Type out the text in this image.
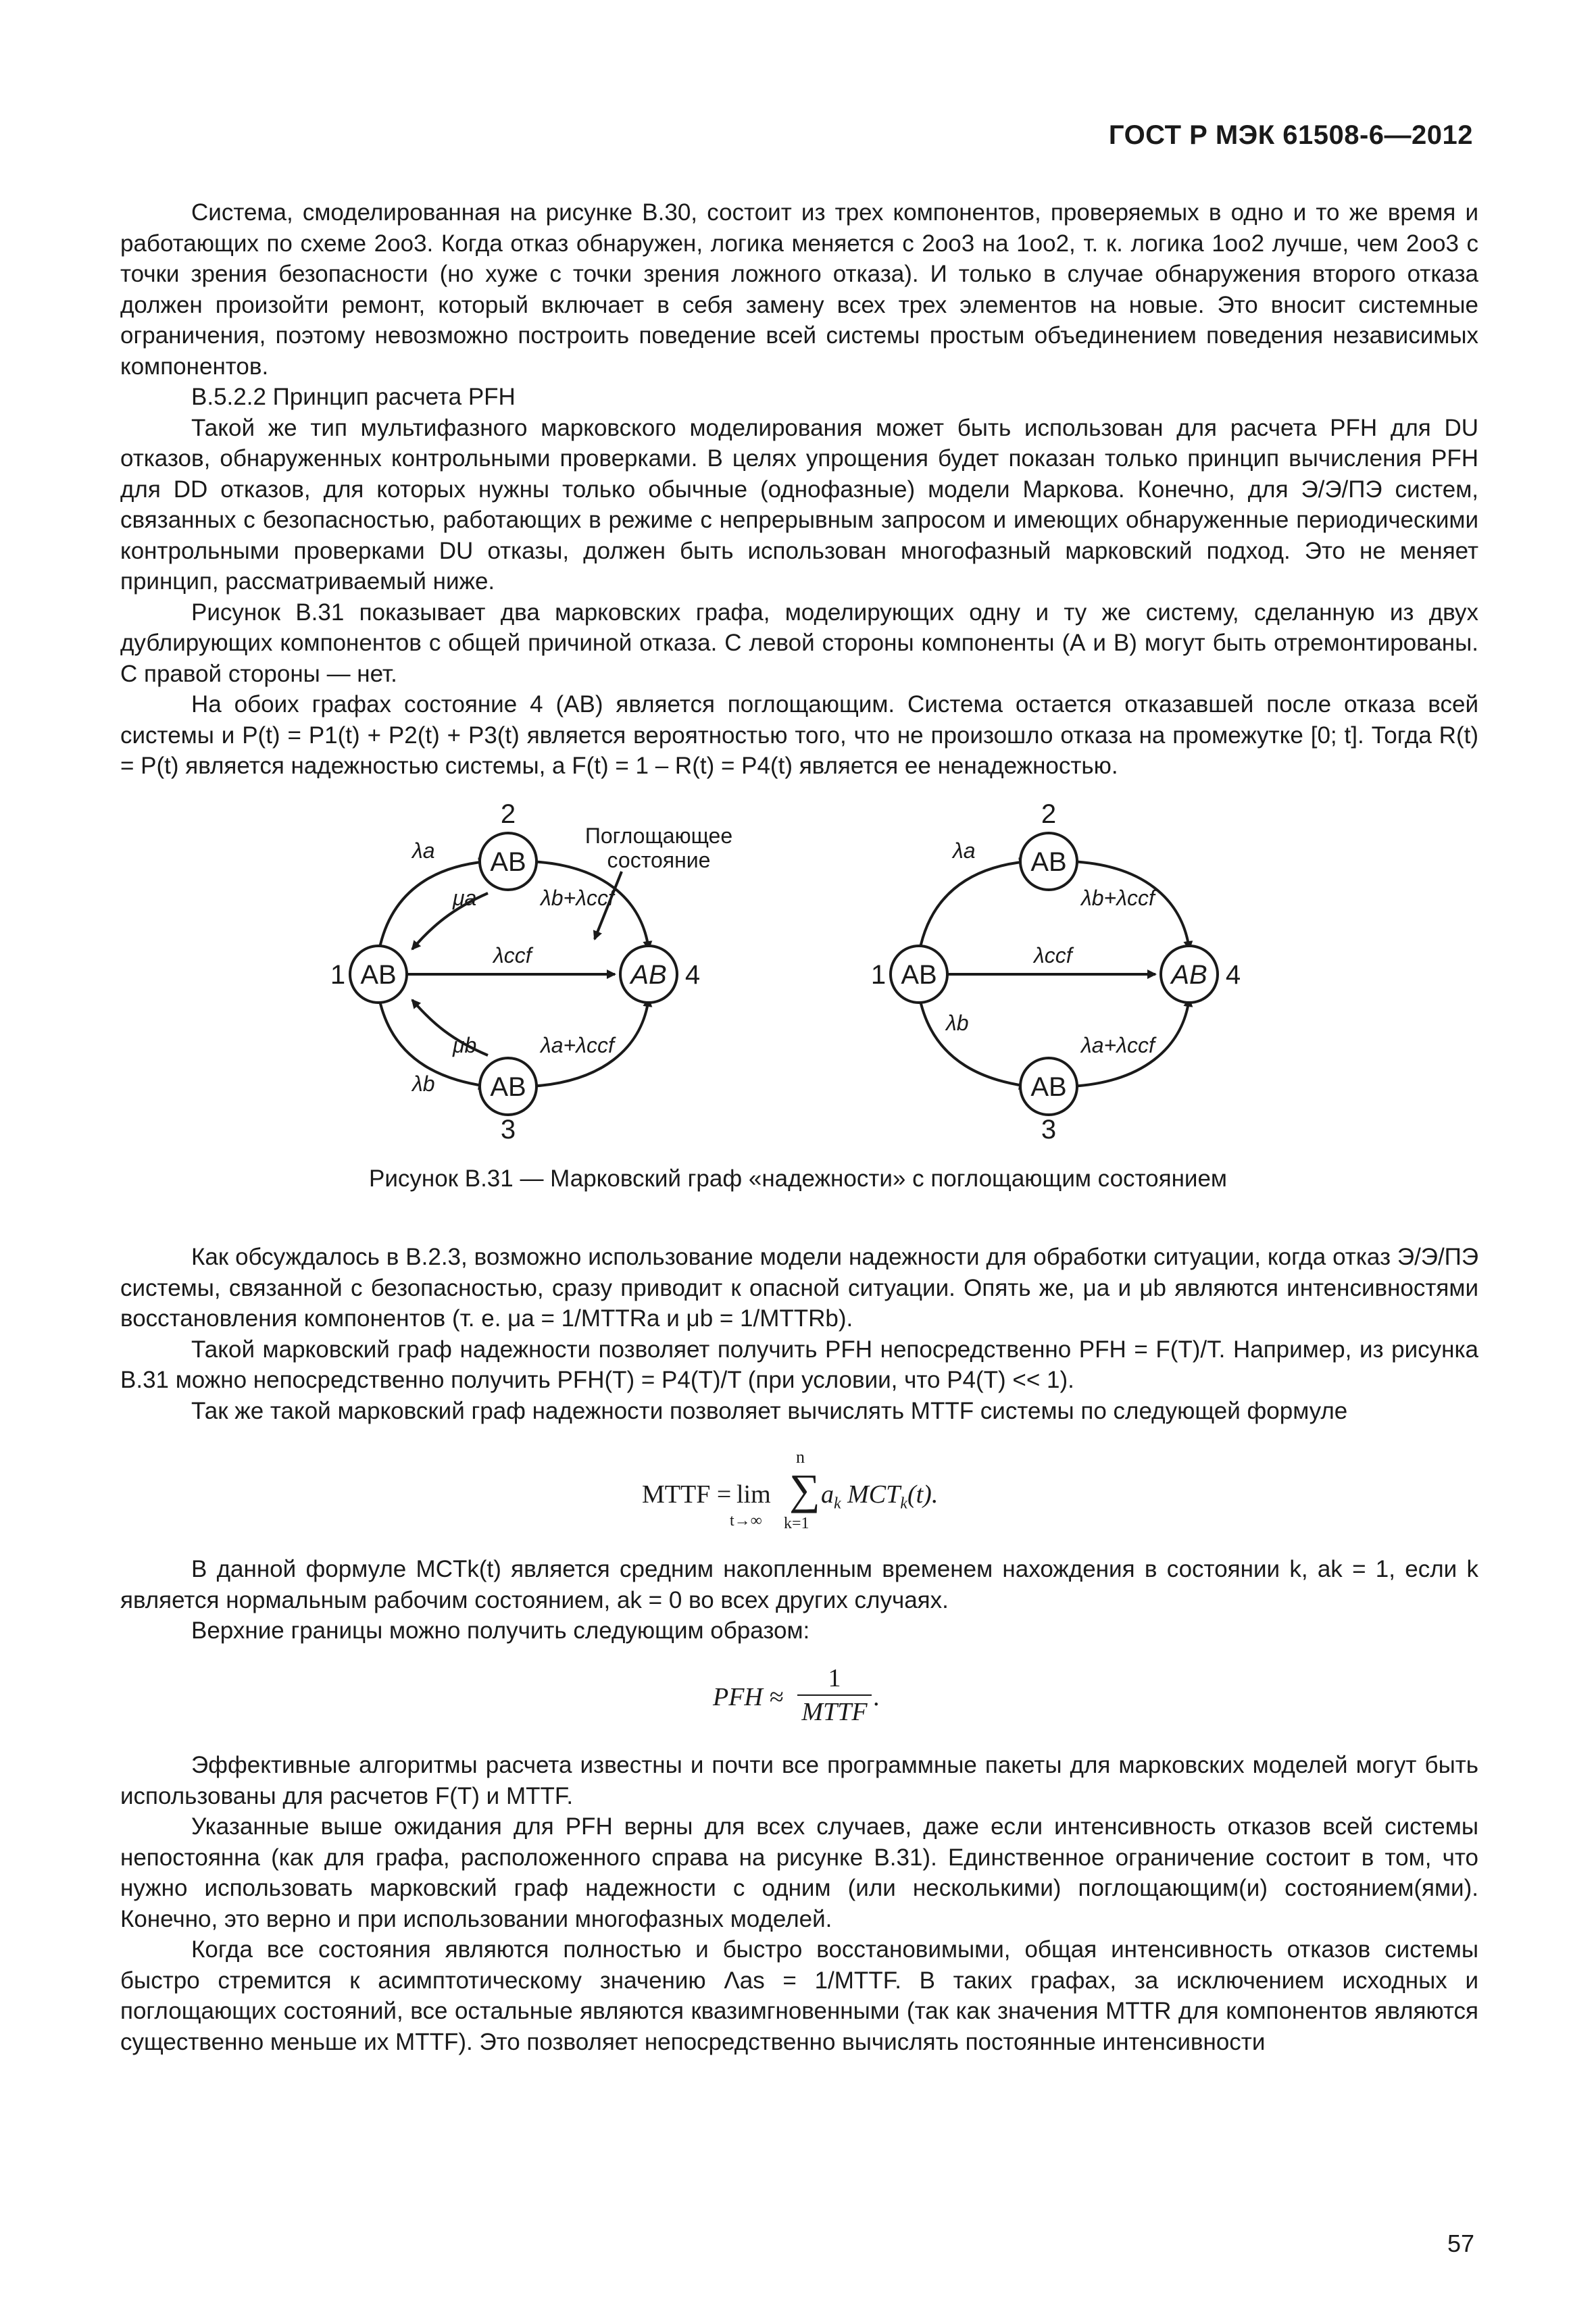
ГОСТ Р МЭК 61508-6—2012

Система, смоделированная на рисунке В.30, состоит из трех компонентов, проверяемых в одно и то же время и работающих по схеме 2оо3. Когда отказ обнаружен, логика меняется с 2оо3 на 1оо2, т. к. логика 1оо2 лучше, чем 2оо3 с точки зрения безопасности (но хуже с точки зрения ложного отказа). И только в случае обнаружения второго отказа должен произойти ремонт, который включает в себя замену всех трех элементов на новые. Это вносит системные ограничения, поэтому невозможно построить поведение всей системы простым объединением поведения независимых компонентов.

В.5.2.2 Принцип расчета PFH

Такой же тип мультифазного марковского моделирования может быть использован для расчета PFH для DU отказов, обнаруженных контрольными проверками. В целях упрощения будет показан только принцип вычисления PFH для DD отказов, для которых нужны только обычные (однофазные) модели Маркова. Конечно, для Э/Э/ПЭ систем, связанных с безопасностью, работающих в режиме с непрерывным запросом и имеющих обнаруженные периодическими контрольными проверками DU отказы, должен быть использован многофазный марковский подход. Это не меняет принцип, рассматриваемый ниже.

Рисунок В.31 показывает два марковских графа, моделирующих одну и ту же систему, сделанную из двух дублирующих компонентов с общей причиной отказа. С левой стороны компоненты (А и В) могут быть отремонтированы. С правой стороны — нет.

На обоих графах состояние 4 (AB) является поглощающим. Система остается отказавшей после отказа всей системы и P(t) = P1(t) + P2(t) + P3(t) является вероятностью того, что не произошло отказа на промежутке [0; t]. Тогда R(t) = P(t) является надежностью системы, а F(t) = 1 – R(t) = P4(t) является ее ненадежностью.

AB
AB
AB
AB
1
2
3
4
λa
μa	λb+λccf
λccf
μb	λa+λccf
λb
Поглощающее
состояние
AB
AB
AB
AB
1
2
3
4
λa
λb+λccf
λccf
λb
λa+λccf
Рисунок В.31 — Марковский граф «надежности» с поглощающим состоянием

Как обсуждалось в В.2.3, возможно использование модели надежности для обработки ситуации, когда отказ Э/Э/ПЭ системы, связанной с безопасностью, сразу приводит к опасной ситуации. Опять же, μa и μb являются интенсивностями восстановления компонентов (т. е. μa = 1/MTTRa и μb = 1/MTTRb).

Такой марковский граф надежности позволяет получить PFH непосредственно PFH = F(T)/T. Например, из рисунка В.31 можно непосредственно получить PFH(T) = P4(T)/T (при условии, что P4(T) << 1).

Так же такой марковский граф надежности позволяет вычислять MTTF системы по следующей формуле

MTTF = lim
t→∞
n
∑
k=1
$a_k$ $MCT_k(t)$.

В данной формуле MCTk(t) является средним накопленным временем нахождения в состоянии k, ak = 1, если k является нормальным рабочим состоянием, ak = 0 во всех других случаях.

Верхние границы можно получить следующим образом:

PFH ≈
1
MTTF
.

Эффективные алгоритмы расчета известны и почти все программные пакеты для марковских моделей могут быть использованы для расчетов F(T) и MTTF.

Указанные выше ожидания для PFH верны для всех случаев, даже если интенсивность отказов всей системы непостоянна (как для графа, расположенного справа на рисунке В.31). Единственное ограничение состоит в том, что нужно использовать марковский граф надежности с одним (или несколькими) поглощающим(и) состоянием(ями). Конечно, это верно и при использовании многофазных моделей.

Когда все состояния являются полностью и быстро восстановимыми, общая интенсивность отказов системы быстро стремится к асимптотическому значению Λas = 1/MTTF. В таких графах, за исключением исходных и поглощающих состояний, все остальные являются квазимгновенными (так как значения MTTR для компонентов являются существенно меньше их MTTF). Это позволяет непосредственно вычислять постоянные интенсивности

57
